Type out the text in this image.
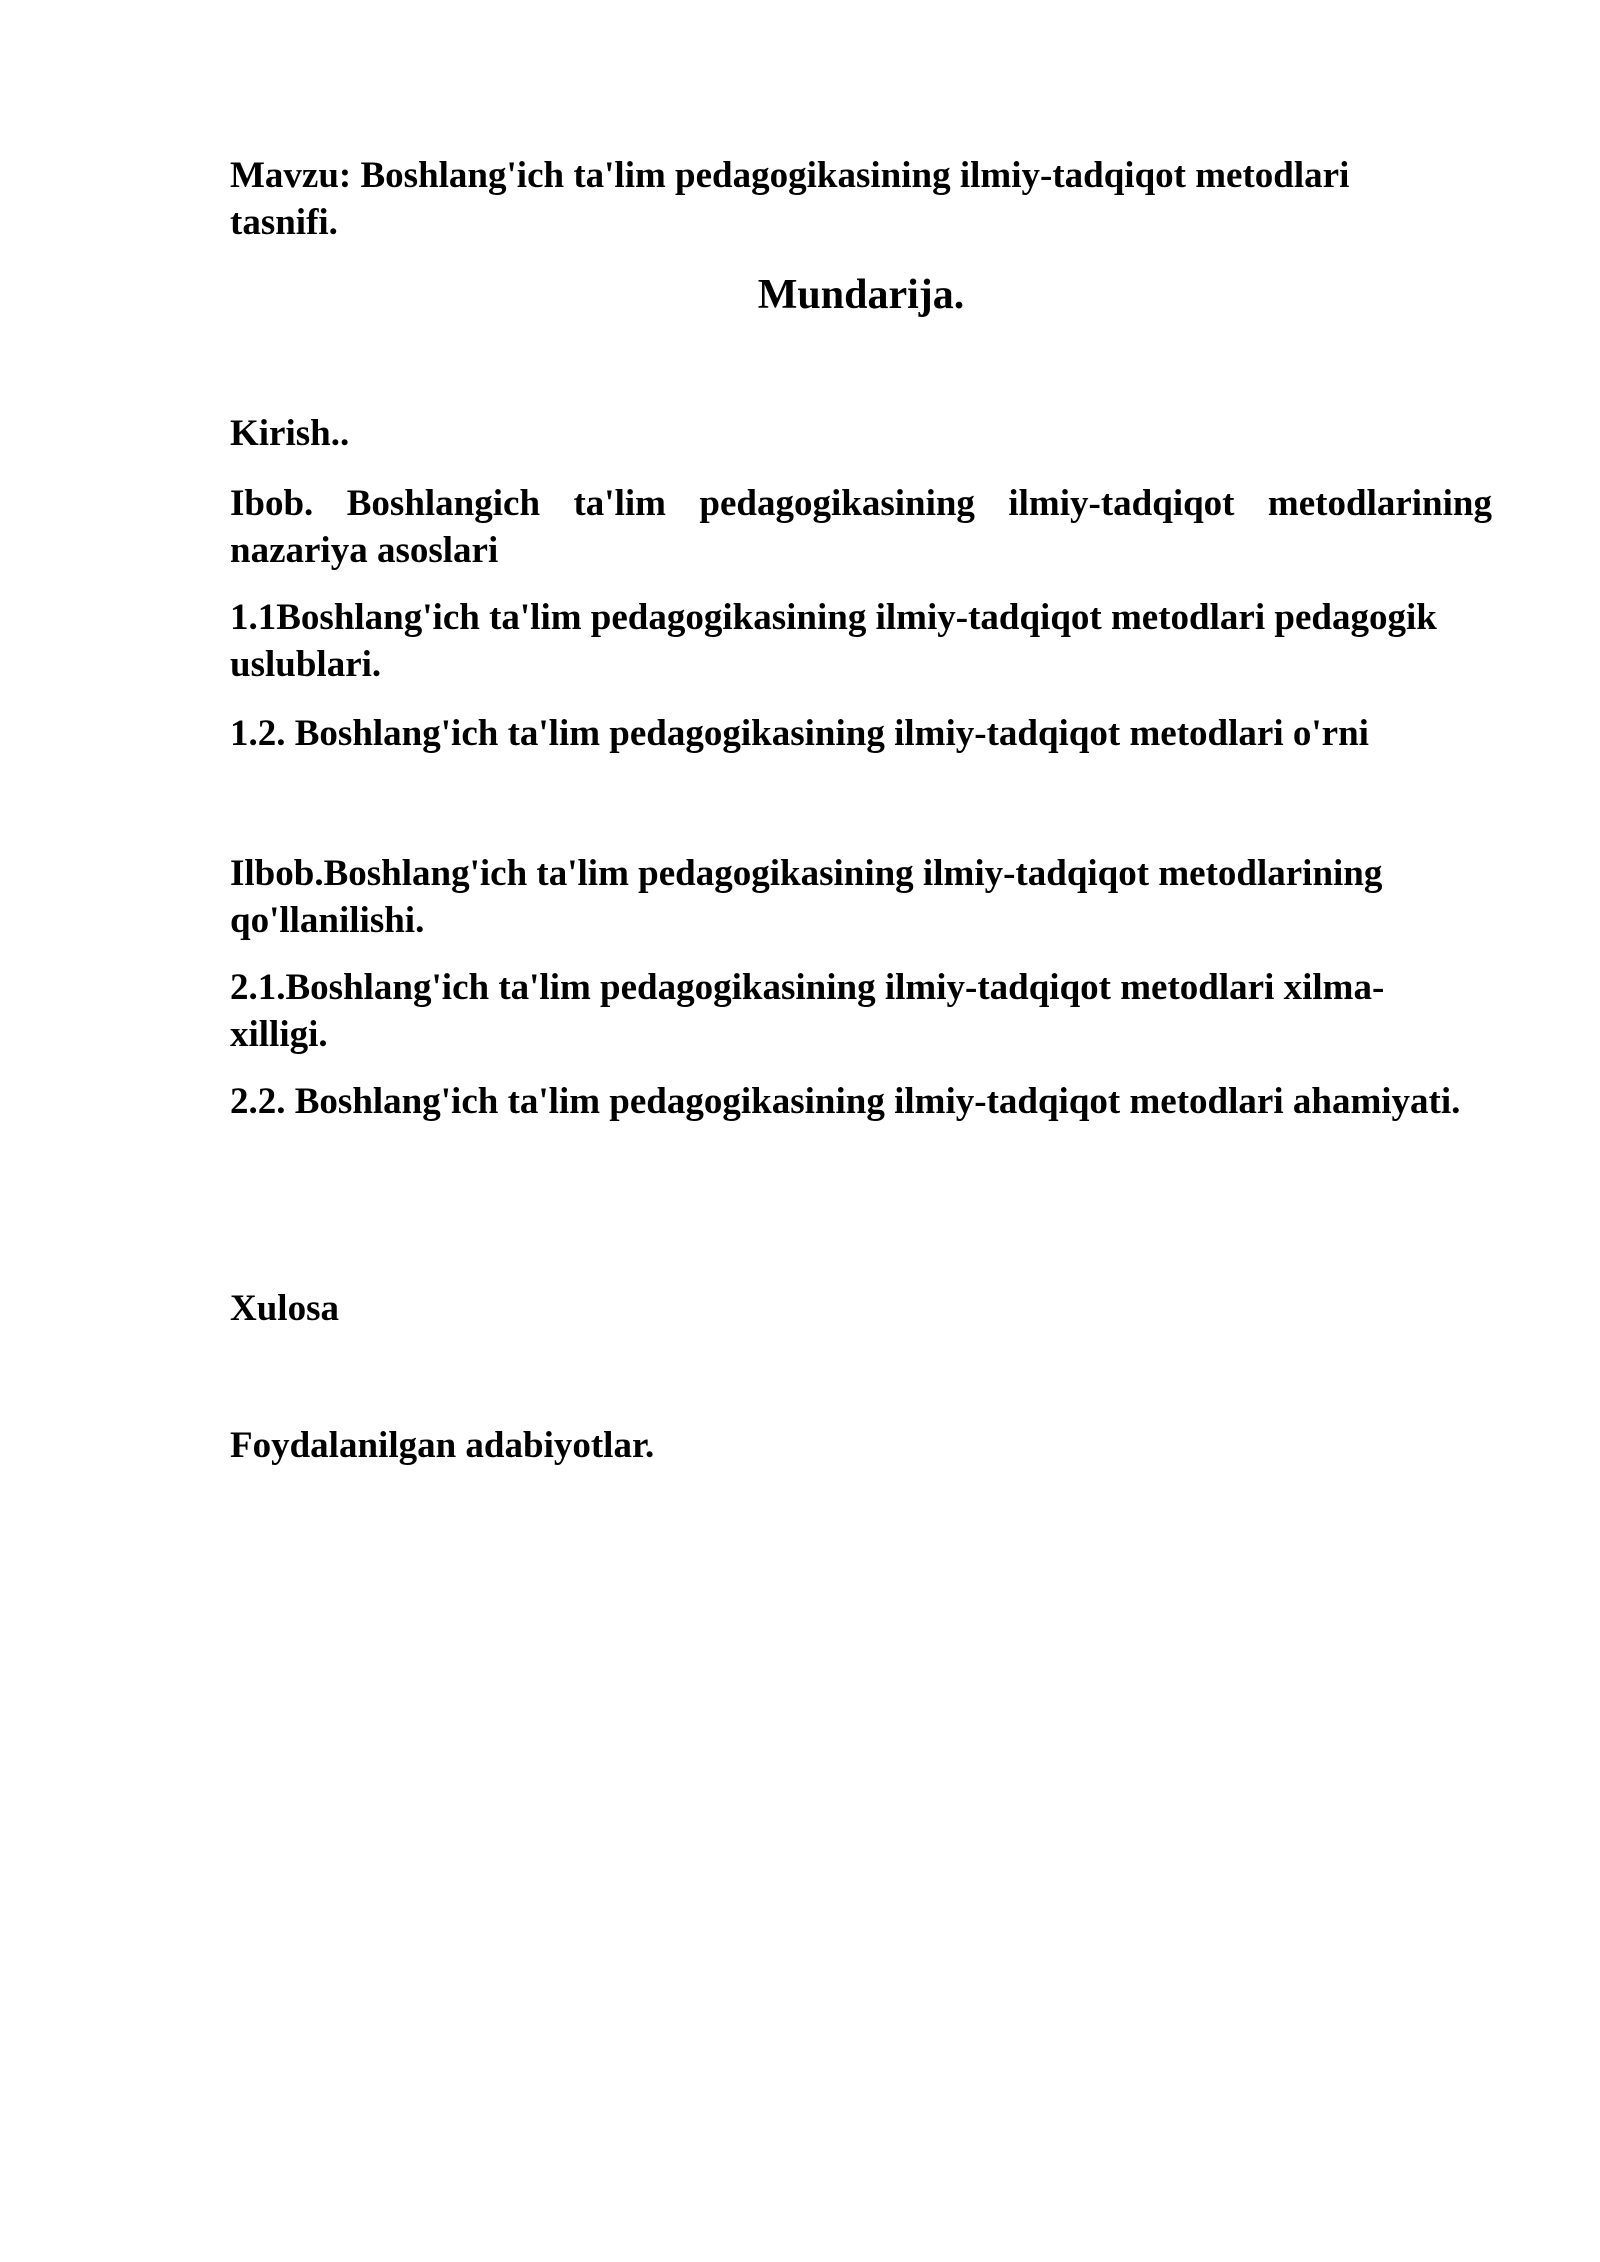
Mavzu: Boshlang'ich ta'lim pedagogikasining ilmiy-tadqiqot metodlari tasnifi.

Mundarija.

Kirish..

Ibob. Boshlangich ta'lim pedagogikasining ilmiy-tadqiqot metodlarining nazariya asoslari

1.1Boshlang'ich ta'lim pedagogikasining ilmiy-tadqiqot metodlari pedagogik uslublari.

1.2. Boshlang'ich ta'lim pedagogikasining ilmiy-tadqiqot metodlari o'rni

Ilbob.Boshlang'ich ta'lim pedagogikasining ilmiy-tadqiqot metodlarining qo'llanilishi.

2.1.Boshlang'ich ta'lim pedagogikasining ilmiy-tadqiqot metodlari xilma-xilligi.

2.2. Boshlang'ich ta'lim pedagogikasining ilmiy-tadqiqot metodlari ahamiyati.

Xulosa

Foydalanilgan adabiyotlar.
